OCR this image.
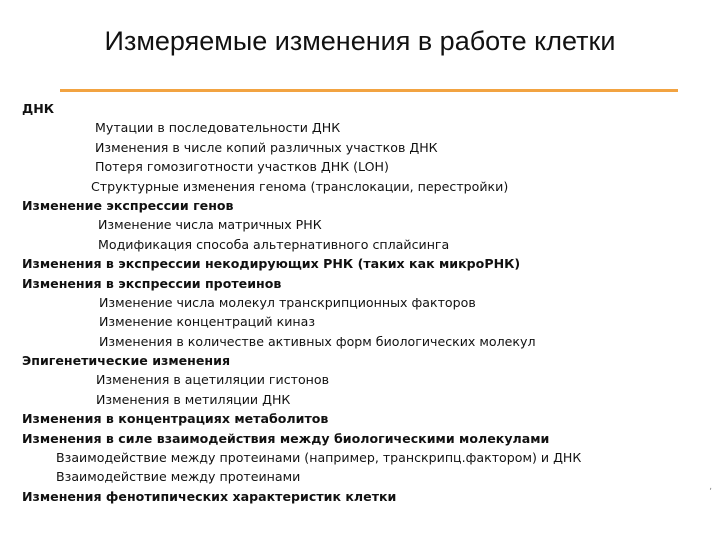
Измеряемые изменения в работе клетки
ДНК
Мутации в последовательности ДНК
Изменения в числе копий различных участков ДНК
Потеря гомозиготности участков ДНК (LOH)
Структурные изменения генома (транслокации, перестройки)
Изменение экспрессии генов
Изменение числа матричных РНК
Модификация способа альтернативного сплайсинга
Изменения в экспрессии некодирующих РНК (таких как микроРНК)
Изменения в экспрессии протеинов
Изменение числа молекул транскрипционных факторов
Изменение концентраций киназ
Изменения в количестве активных форм биологических молекул
Эпигенетические изменения
Изменения в ацетиляции гистонов
Изменения в метиляции ДНК
Изменения в концентрациях метаболитов
Изменения в силе взаимодействия между биологическими молекулами
Взаимодействие между протеинами (например, транскрипц.фактором) и ДНК
Взаимодействие между протеинами
Изменения фенотипических характеристик клетки
‚
